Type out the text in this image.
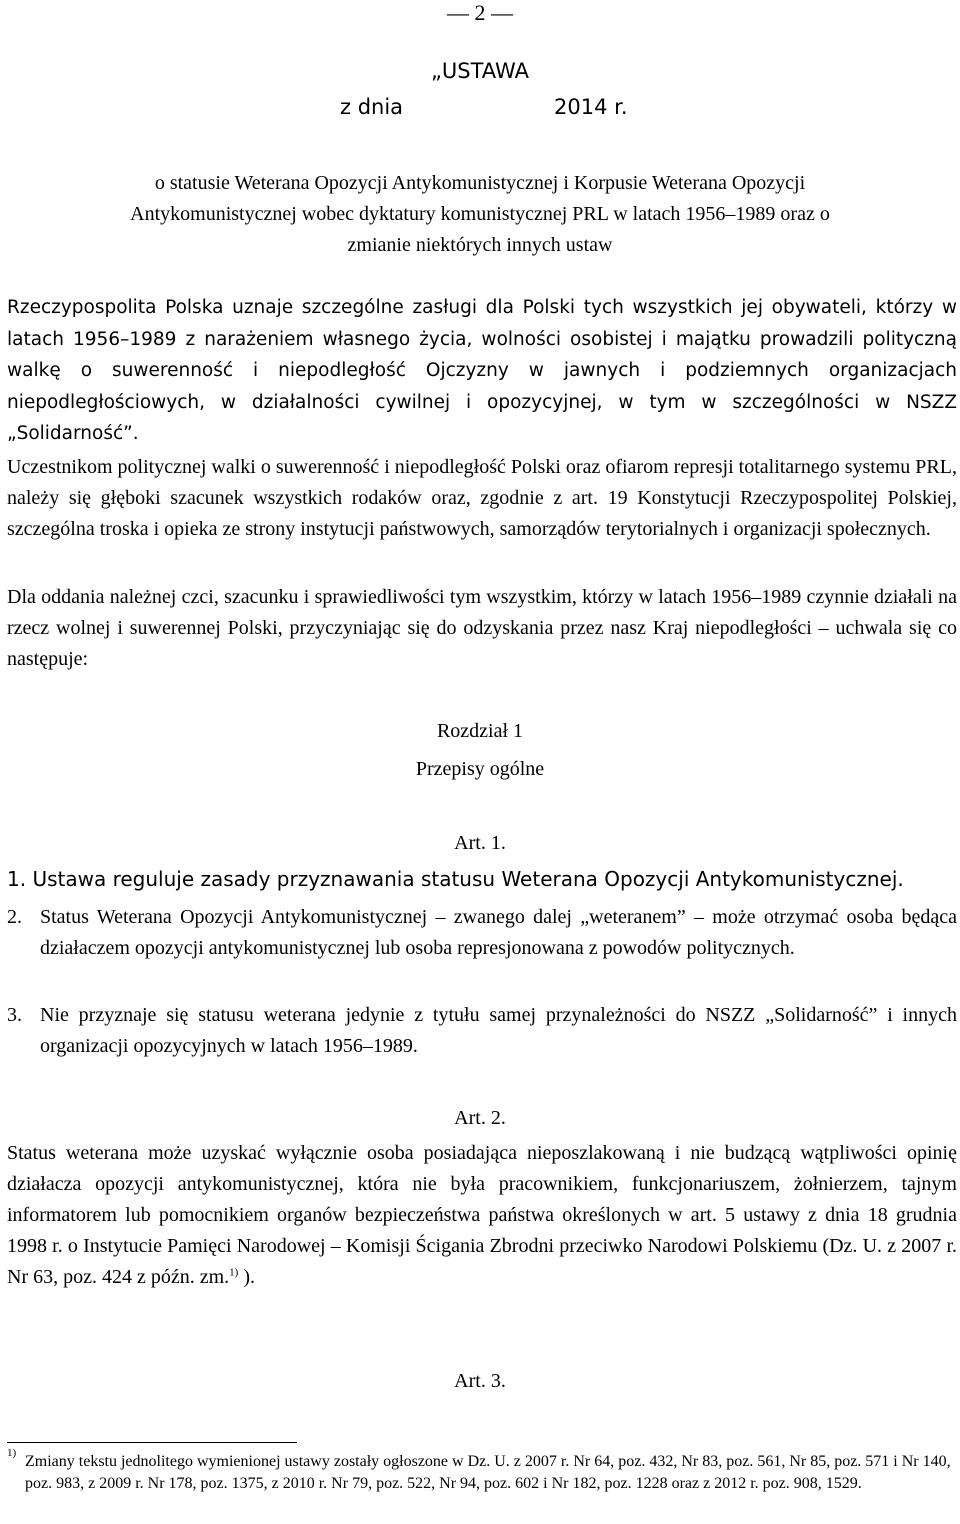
— 2 —
„USTAWA
z dnia	2014 r.
o statusie Weterana Opozycji Antykomunistycznej i Korpusie Weterana Opozycji Antykomunistycznej wobec dyktatury komunistycznej PRL w latach 1956–1989 oraz o zmianie niektórych innych ustaw

Rzeczypospolita Polska uznaje szczególne zasługi dla Polski tych wszystkich jej obywateli, którzy w latach 1956–1989 z narażeniem własnego życia, wolności osobistej i majątku prowadzili polityczną walkę o suwerenność i niepodległość Ojczyzny w jawnych i podziemnych organizacjach niepodległościowych, w działalności cywilnej i opozycyjnej, w tym w szczególności w NSZZ „Solidarność”.

Uczestnikom politycznej walki o suwerenność i niepodległość Polski oraz ofiarom represji totalitarnego systemu PRL, należy się głęboki szacunek wszystkich rodaków oraz, zgodnie z art. 19 Konstytucji Rzeczypospolitej Polskiej, szczególna troska i opieka ze strony instytucji państwowych, samorządów terytorialnych i organizacji społecznych.

Dla oddania należnej czci, szacunku i sprawiedliwości tym wszystkim, którzy w latach 1956–1989 czynnie działali na rzecz wolnej i suwerennej Polski, przyczyniając się do odzyskania przez nasz Kraj niepodległości – uchwala się co następuje:

Rozdział 1
Przepisy ogólne
Art. 1.
1. Ustawa reguluje zasady przyznawania statusu Weterana Opozycji Antykomunistycznej.
2. Status Weterana Opozycji Antykomunistycznej – zwanego dalej „weteranem” – może otrzymać osoba będąca działaczem opozycji antykomunistycznej lub osoba represjonowana z powodów politycznych.
3. Nie przyznaje się statusu weterana jedynie z tytułu samej przynależności do NSZZ „Solidarność” i innych organizacji opozycyjnych w latach 1956–1989.
Art. 2.

Status weterana może uzyskać wyłącznie osoba posiadająca nieposzlakowaną i nie budzącą wątpliwości opinię działacza opozycji antykomunistycznej, która nie była pracownikiem, funkcjonariuszem, żołnierzem, tajnym informatorem lub pomocnikiem organów bezpieczeństwa państwa określonych w art. 5 ustawy z dnia 18 grudnia 1998 r. o Instytucie Pamięci Narodowej – Komisji Ścigania Zbrodni przeciwko Narodowi Polskiemu (Dz. U. z 2007 r. Nr 63, poz. 424 z późn. zm.$^{1)}$ ).

Art. 3.
1) Zmiany tekstu jednolitego wymienionej ustawy zostały ogłoszone w Dz. U. z 2007 r. Nr 64, poz. 432, Nr 83, poz. 561, Nr 85, poz. 571 i Nr 140, poz. 983, z 2009 r. Nr 178, poz. 1375, z 2010 r. Nr 79, poz. 522, Nr 94, poz. 602 i Nr 182, poz. 1228 oraz z 2012 r. poz. 908, 1529.
